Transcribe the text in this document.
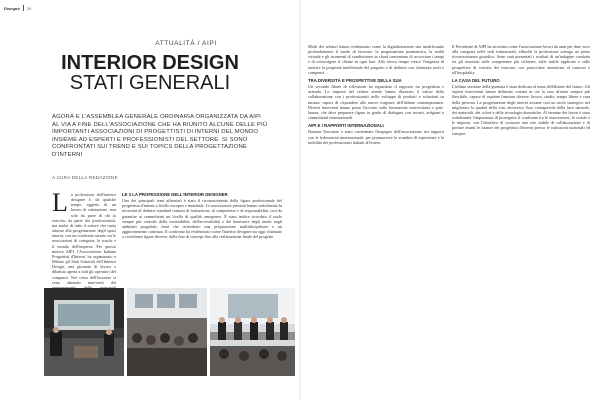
Disegno 26
ATTUALITÀ / AIPI
INTERIOR DESIGN
STATI GENERALI
AGORÀ E L'ASSEMBLEA GENERALE ORDINARIA ORGANIZZATA DA AIPI AL VIA A FINE DELL'ASSOCIAZIONE CHE HA RIUNITO ALCUNE DELLE PIÙ IMPORTANTI ASSOCIAZIONI DI PROGETTISTI DI INTERNI DEL MONDO INSIEME AD ESPERTI E PROFESSIONISTI DEL SETTORE. SI SONO CONFRONTATI SUI TREND E SUI TOPICS DELLA PROGETTAZIONE D'INTERNI
A CURA DELLA REDAZIONE
L a professione dell'interior designer è, da qualche tempo, oggetto di un lavoro di valutazione, non solo da parte di chi la esercita, da parte dei professionisti, ma anche di tutto il settore che ruota attorno alla progettazione degli spazi interni, con un confronto serrato tra le associazioni di categoria, le scuole e il mondo dell'impresa. Per questo motivo AIPI, l'Associazione Italiana Progettisti d'Interni, ha organizzato a Milano gli Stati Generali dell'Interior Design, una giornata di lavoro e dibattito aperta a tutti gli operatori del comparto. Nel corso dell'incontro si sono alternati interventi dei
LE 3 LA PROFESSIONE DELL'INTERIOR DESIGNER

Uno dei principali temi affrontati è stato il riconoscimento della figura professionale del progettista d'interni a livello europeo e mondiale. Le associazioni presenti hanno sottolineato la necessità di definire standard comuni di formazione, di competenze e di responsabilità, così da garantire ai committenti un livello di qualità omogeneo. È stato inoltre ricordato il ruolo sempre più centrale della sostenibilità, dell'accessibilità e del benessere degli utenti negli ambienti progettati, temi che richiedono una preparazione multidisciplinare e un aggiornamento continuo. Il confronto ha evidenziato come l'interior designer sia oggi chiamato a coordinare figure diverse, dalla fase di concept fino alla realizzazione finale del progetto.

Molti dei relatori hanno evidenziato come la digitalizzazione stia modificando profondamente il modo di lavorare: la progettazione parametrica, la realtà virtuale e gli strumenti di condivisione in cloud consentono di accorciare i tempi e di coinvolgere il cliente in ogni fase. Allo stesso tempo cresce l'esigenza di tutelare la proprietà intellettuale del progetto e di definire con chiarezza ruoli e compensi.

TRA DIVERSITÀ E PROSPETTIVE DELLA SUA

Un secondo filone di riflessione ha riguardato il rapporto tra progettista e azienda. Le imprese del settore arredo hanno illustrato il valore della collaborazione con i professionisti nello sviluppo di prodotti e soluzioni su misura, capaci di rispondere alle nuove esigenze dell'abitare contemporaneo. Diversi interventi hanno posto l'accento sulla formazione universitaria e post-laurea, che deve preparare figure in grado di dialogare con tecnici, artigiani e committenti internazionali.

AIPI E I RAPPORTI INTERNAZIONALI

Durante l'incontro è stato confermato l'impegno dell'associazione nei rapporti con le federazioni internazionali, per promuovere lo scambio di esperienze e la mobilità dei professionisti italiani all'estero.

Il Presidente di AIPI ha ricordato come l'associazione lavori da anni per dare voce alla categoria nelle sedi istituzionali, affinché la professione ottenga un pieno riconoscimento giuridico. Sono stati presentati i risultati di un'indagine condotta tra gli associati sulle competenze più richieste, sulle tariffe applicate e sulle prospettive di crescita del mercato, con particolare attenzione al contract e all'hospitality.

LA CASA DEL FUTURO

L'ultima sessione della giornata è stata dedicata al tema dell'abitare del futuro. Gli esperti intervenuti hanno delineato scenari in cui la casa diventa sempre più flessibile, capace di ospitare funzioni diverse: lavoro, studio, tempo libero e cura della persona. La progettazione degli interni assume così un ruolo strategico nel migliorare la qualità della vita, attraverso l'uso consapevole della luce naturale, dei materiali, dei colori e delle tecnologie domotiche. Al termine dei lavori è stata sottolineata l'importanza di proseguire il confronto tra le associazioni, le scuole e le imprese, con l'obiettivo di costruire una rete stabile di collaborazione e di portare avanti le istanze dei progettisti d'interni presso le istituzioni nazionali ed europee.
